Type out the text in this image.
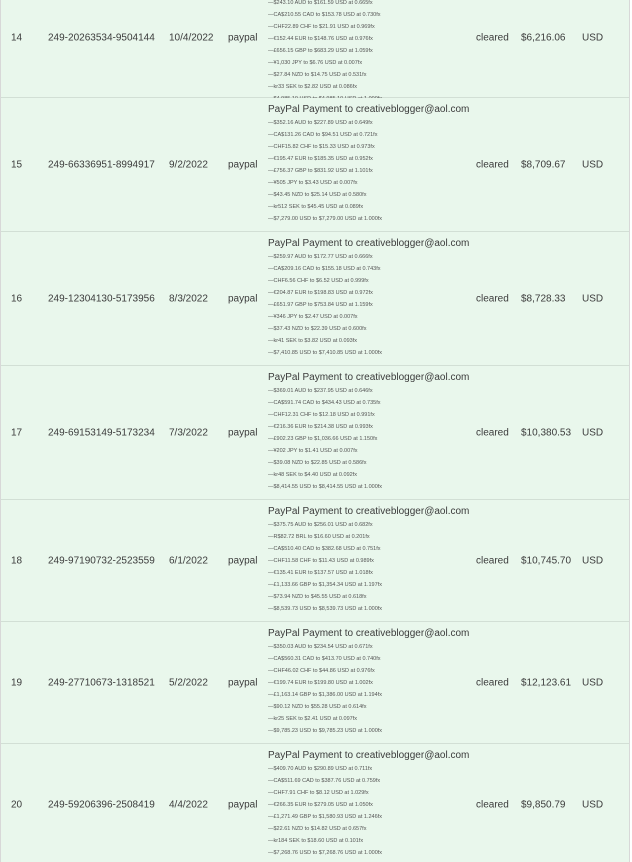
14	249-20263534-9504144 10/4/2022 paypal
—$243.10 AUD to $161.59 USD at 0.665fx
—CA$210.55 CAD to $153.78 USD at 0.730fx
—CHF22.89 CHF to $21.91 USD at 0.969fx
—€152.44 EUR to $148.76 USD at 0.976fx
—£656.15 GBP to $683.29 USD at 1.059fx
—¥1,030 JPY to $6.76 USD at 0.007fx
—$27.84 NZD to $14.75 USD at 0.531fx
—kr33 SEK to $2.82 USD at 0.086fx
cleared $6,216.06 USD
15	249-66336951-8994917 9/2/2022 paypal
PayPal Payment to creativeblogger@aol.com
—$352.16 AUD to $227.89 USD at 0.649fx
—CA$131.26 CAD to $94.51 USD at 0.721fx
—CHF15.82 CHF to $15.33 USD at 0.973fx
—€195.47 EUR to $185.35 USD at 0.952fx
—£756.37 GBP to $831.92 USD at 1.101fx
—¥505 JPY to $3.43 USD at 0.007fx
—$43.45 NZD to $25.14 USD at 0.580fx
—kr512 SEK to $45.45 USD at 0.089fx
—$7,279.00 USD to $7,279.00 USD at 1.000fx
cleared $8,709.67 USD
16	249-12304130-5173956 8/3/2022 paypal
PayPal Payment to creativeblogger@aol.com
—$259.97 AUD to $172.77 USD at 0.666fx
—CA$209.16 CAD to $155.18 USD at 0.743fx
—CHF6.56 CHF to $6.52 USD at 0.999fx
—€204.87 EUR to $198.83 USD at 0.972fx
—£651.97 GBP to $753.84 USD at 1.159fx
—¥346 JPY to $2.47 USD at 0.007fx
—$37.43 NZD to $22.39 USD at 0.600fx
—kr41 SEK to $3.82 USD at 0.093fx
—$7,410.85 USD to $7,410.85 USD at 1.000fx
cleared $8,728.33 USD
17	249-69153149-5173234 7/3/2022 paypal
PayPal Payment to creativeblogger@aol.com
—$369.01 AUD to $237.95 USD at 0.646fx
—CA$591.74 CAD to $434.43 USD at 0.735fx
—CHF12.31 CHF to $12.18 USD at 0.991fx
—€216.36 EUR to $214.38 USD at 0.993fx
—£902.23 GBP to $1,036.66 USD at 1.150fx
—¥202 JPY to $1.41 USD at 0.007fx
—$39.08 NZD to $22.85 USD at 0.586fx
—kr48 SEK to $4.40 USD at 0.092fx
—$8,414.55 USD to $8,414.55 USD at 1.000fx
cleared $10,380.53 USD
18	249-97190732-2523559 6/1/2022 paypal
PayPal Payment to creativeblogger@aol.com
—$375.75 AUD to $256.01 USD at 0.682fx
—R$82.72 BRL to $16.60 USD at 0.201fx
—CA$510.40 CAD to $382.68 USD at 0.751fx
—CHF11.58 CHF to $11.43 USD at 0.989fx
—€135.41 EUR to $137.57 USD at 1.018fx
—£1,133.66 GBP to $1,354.34 USD at 1.197fx
—$73.94 NZD to $45.55 USD at 0.618fx
—$8,539.73 USD to $8,539.73 USD at 1.000fx
cleared $10,745.70 USD
19	249-27710673-1318521 5/2/2022 paypal
PayPal Payment to creativeblogger@aol.com
—$350.03 AUD to $234.54 USD at 0.671fx
—CA$560.31 CAD to $413.70 USD at 0.740fx
—CHF46.02 CHF to $44.86 USD at 0.976fx
—€199.74 EUR to $199.80 USD at 1.002fx
—£1,163.14 GBP to $1,386.00 USD at 1.194fx
—$90.12 NZD to $55.28 USD at 0.614fx
—kr25 SEK to $2.41 USD at 0.097fx
—$9,785.23 USD to $9,785.23 USD at 1.000fx
cleared $12,123.61 USD
20	249-59206396-2508419 4/4/2022 paypal
PayPal Payment to creativeblogger@aol.com
—$409.70 AUD to $290.89 USD at 0.711fx
—CA$511.69 CAD to $387.76 USD at 0.759fx
—CHF7.91 CHF to $8.12 USD at 1.029fx
—€266.35 EUR to $279.05 USD at 1.050fx
—£1,271.49 GBP to $1,580.93 USD at 1.246fx
—$22.61 NZD to $14.82 USD at 0.657fx
—kr184 SEK to $18.60 USD at 0.101fx
—$7,268.76 USD to $7,268.76 USD at 1.000fx
cleared $9,850.79 USD
